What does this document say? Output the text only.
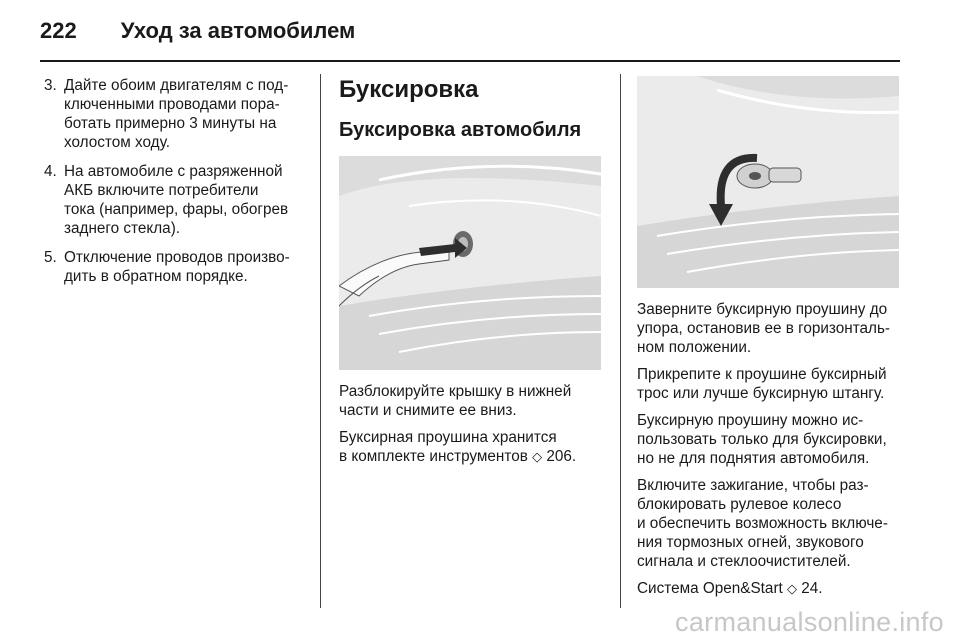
222 Уход за автомобилем
3. Дайте обоим двигателям с под-
ключенными проводами пора-
ботать примерно 3 минуты на
холостом ходу.
4. На автомобиле с разряженной
АКБ включите потребители
тока (например, фары, обогрев
заднего стекла).
5. Отключение проводов произво-
дить в обратном порядке.
Буксировка
Буксировка автомобиля

Разблокируйте крышку в нижней
части и снимите ее вниз.

Буксирная проушина хранится
в комплекте инструментов ◇ 206.

Заверните буксирную проушину до
упора, остановив ее в горизонталь-
ном положении.

Прикрепите к проушине буксирный
трос или лучше буксирную штангу.

Буксирную проушину можно ис-
пользовать только для буксировки,
но не для поднятия автомобиля.

Включите зажигание, чтобы раз-
блокировать рулевое колесо
и обеспечить возможность включе-
ния тормозных огней, звукового
сигнала и стеклоочистителей.

Система Open&Start ◇ 24.

carmanualsonline.info
